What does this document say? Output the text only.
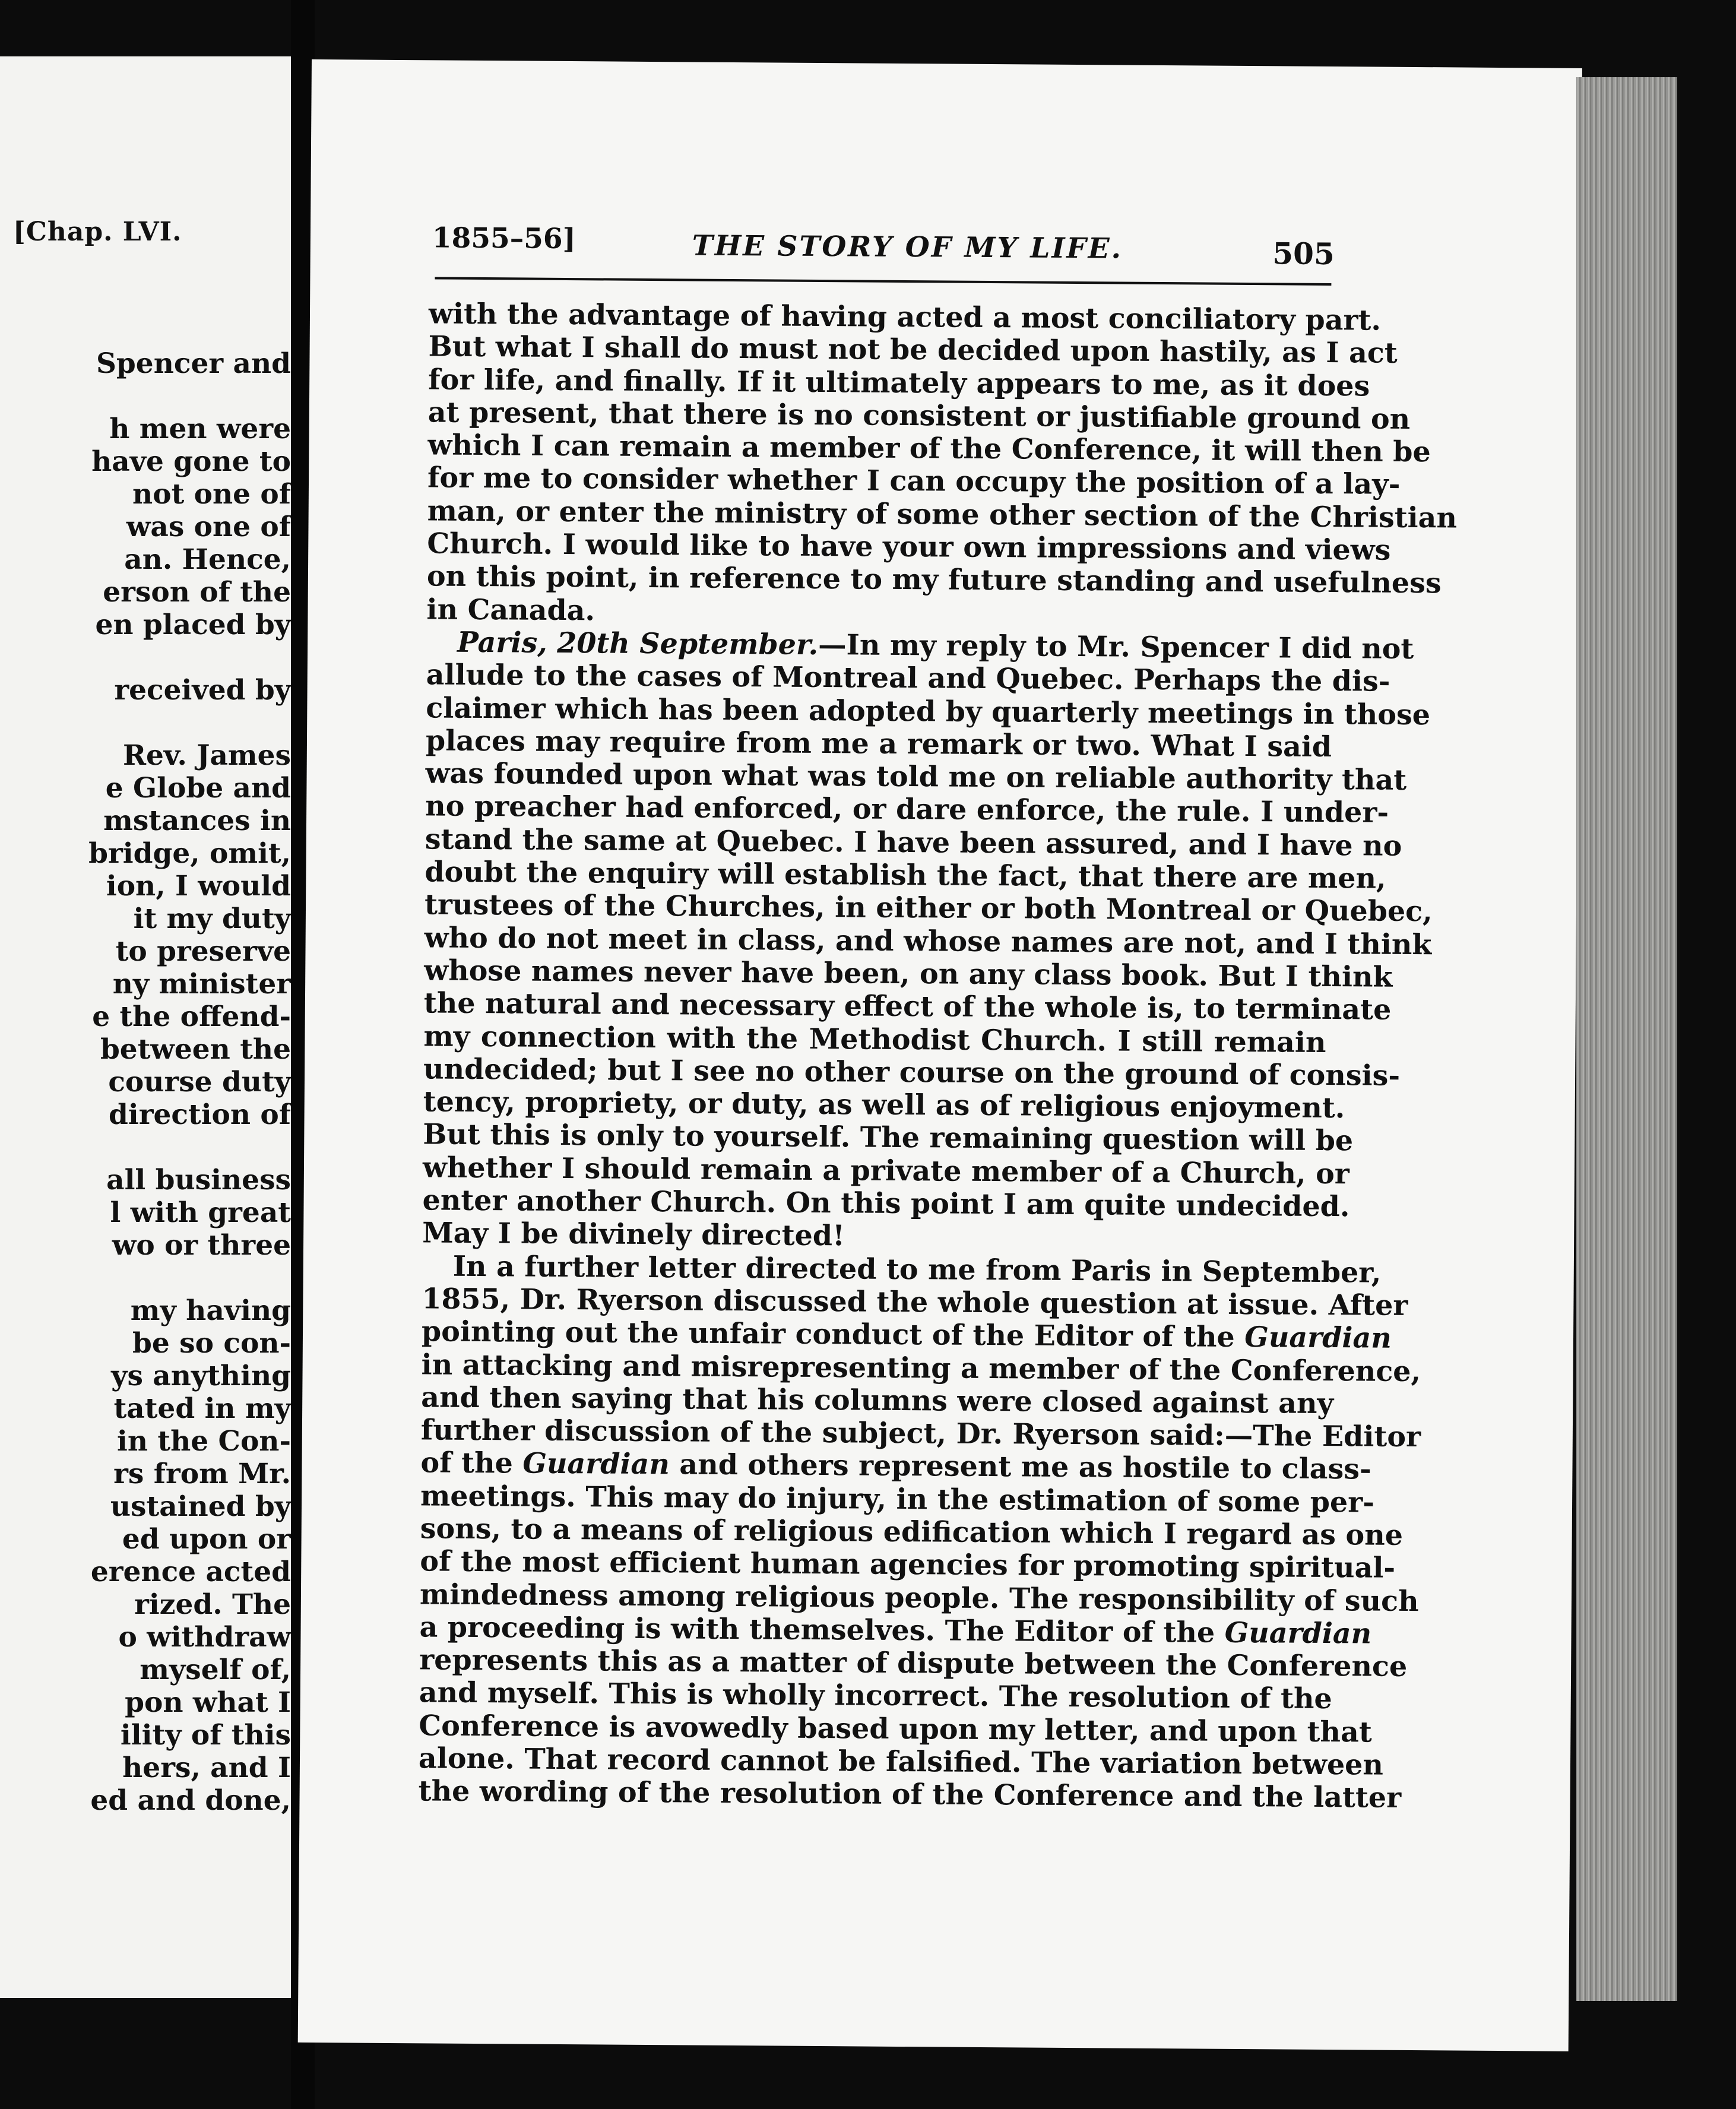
[Chap. LVI.
Spencer and
h men were
have gone to
not one of
was one of
an. Hence,
erson of the
en placed by
received by
Rev. James
e Globe and
mstances in
bridge, omit,
ion, I would
it my duty
to preserve
ny minister
e the offend-
between the
course duty
direction of
all business
l with great
wo or three
my having
be so con-
ys anything
tated in my
in the Con-
rs from Mr.
ustained by
ed upon or
erence acted
rized. The
o withdraw
myself of,
pon what I
ility of this
hers, and I
ed and done,
1855–56]	THE STORY OF MY LIFE.	505
with the advantage of having acted a most conciliatory part.
But what I shall do must not be decided upon hastily, as I act
for life, and finally. If it ultimately appears to me, as it does
at present, that there is no consistent or justifiable ground on
which I can remain a member of the Conference, it will then be
for me to consider whether I can occupy the position of a lay-
man, or enter the ministry of some other section of the Christian
Church. I would like to have your own impressions and views
on this point, in reference to my future standing and usefulness
in Canada.
Paris, 20th September.—In my reply to Mr. Spencer I did not
allude to the cases of Montreal and Quebec. Perhaps the dis-
claimer which has been adopted by quarterly meetings in those
places may require from me a remark or two. What I said
was founded upon what was told me on reliable authority that
no preacher had enforced, or dare enforce, the rule. I under-
stand the same at Quebec. I have been assured, and I have no
doubt the enquiry will establish the fact, that there are men,
trustees of the Churches, in either or both Montreal or Quebec,
who do not meet in class, and whose names are not, and I think
whose names never have been, on any class book. But I think
the natural and necessary effect of the whole is, to terminate
my connection with the Methodist Church. I still remain
undecided; but I see no other course on the ground of consis-
tency, propriety, or duty, as well as of religious enjoyment.
But this is only to yourself. The remaining question will be
whether I should remain a private member of a Church, or
enter another Church. On this point I am quite undecided.
May I be divinely directed!
In a further letter directed to me from Paris in September,
1855, Dr. Ryerson discussed the whole question at issue. After
pointing out the unfair conduct of the Editor of the Guardian
in attacking and misrepresenting a member of the Conference,
and then saying that his columns were closed against any
further discussion of the subject, Dr. Ryerson said:—The Editor
of the Guardian and others represent me as hostile to class-
meetings. This may do injury, in the estimation of some per-
sons, to a means of religious edification which I regard as one
of the most efficient human agencies for promoting spiritual-
mindedness among religious people. The responsibility of such
a proceeding is with themselves. The Editor of the Guardian
represents this as a matter of dispute between the Conference
and myself. This is wholly incorrect. The resolution of the
Conference is avowedly based upon my letter, and upon that
alone. That record cannot be falsified. The variation between
the wording of the resolution of the Conference and the latter
